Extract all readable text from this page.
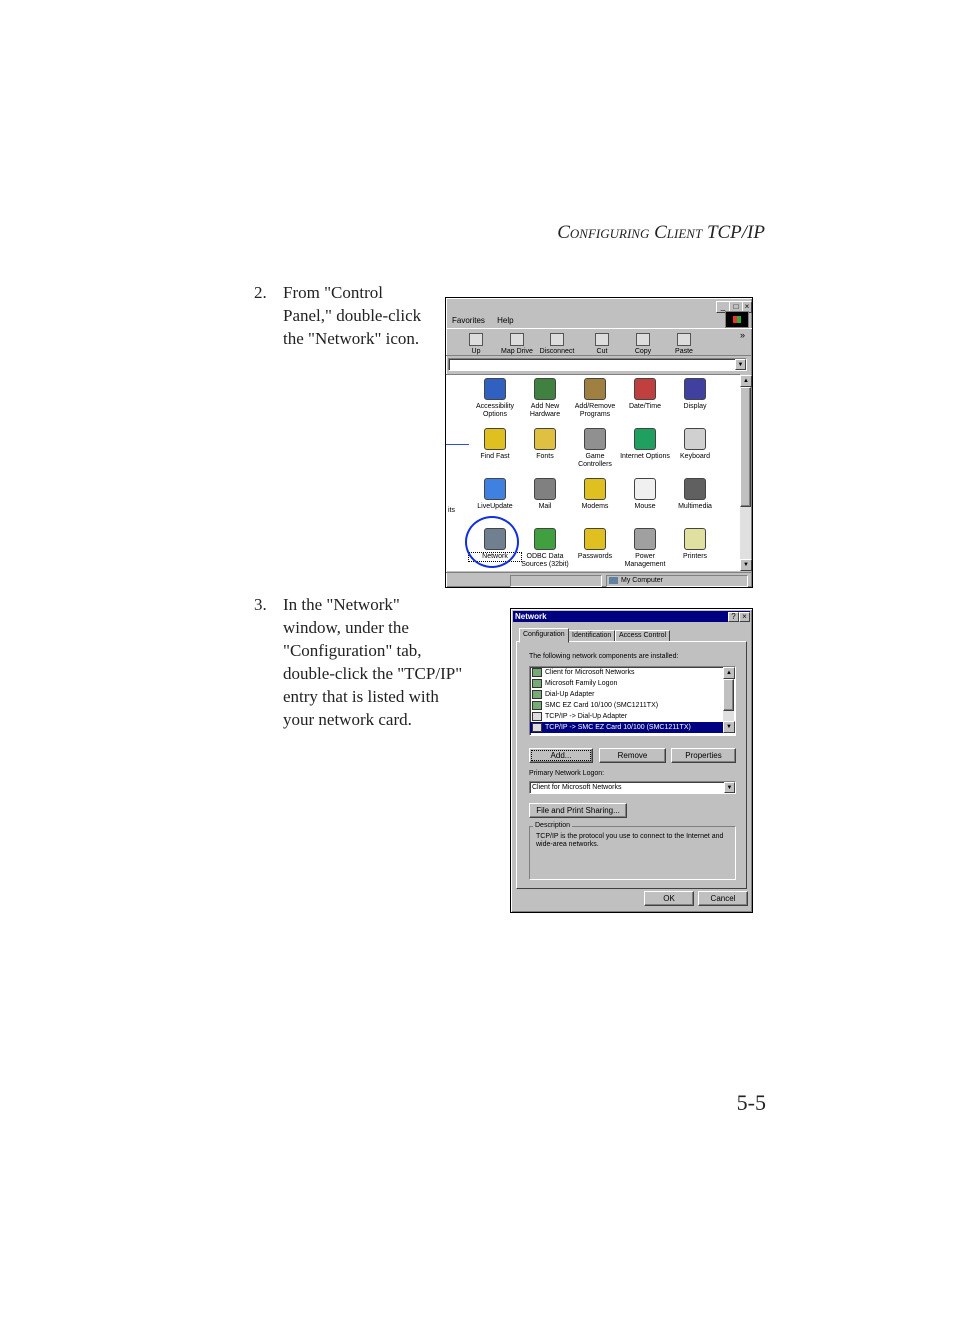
Configuring Client TCP/IP
2. From "Control
Panel," double-click
the "Network" icon.
3. In the "Network"
window, under the
"Configuration" tab,
double-click the "TCP/IP"
entry that is listed with
your network card.
_	□ ×
Favorites Help
Up	Map Drive Disconnect	Cut	Copy	Paste
»
▼
its
Accessibility Options
Add New Hardware
Add/Remove Programs
Date/Time	Display
Find Fast	Fonts	Game Controllers
Internet Options	Keyboard
LiveUpdate	Mail	Modems	Mouse	Multimedia
Network	ODBC Data Sources (32bit)
Passwords	Power Management
Printers
▲
▼
My Computer
Network	? ×
Configuration	Identification	Access Control
The following network components are installed:
Client for Microsoft Networks
Microsoft Family Logon
Dial-Up Adapter
SMC EZ Card 10/100 (SMC1211TX)
TCP/IP -> Dial-Up Adapter
TCP/IP -> SMC EZ Card 10/100 (SMC1211TX)
▲
▼
Add...	Remove	Properties
Primary Network Logon:
Client for Microsoft Networks	▼
File and Print Sharing...
Description
TCP/IP is the protocol you use to connect to the Internet and wide-area networks.
OK	Cancel
5-5
